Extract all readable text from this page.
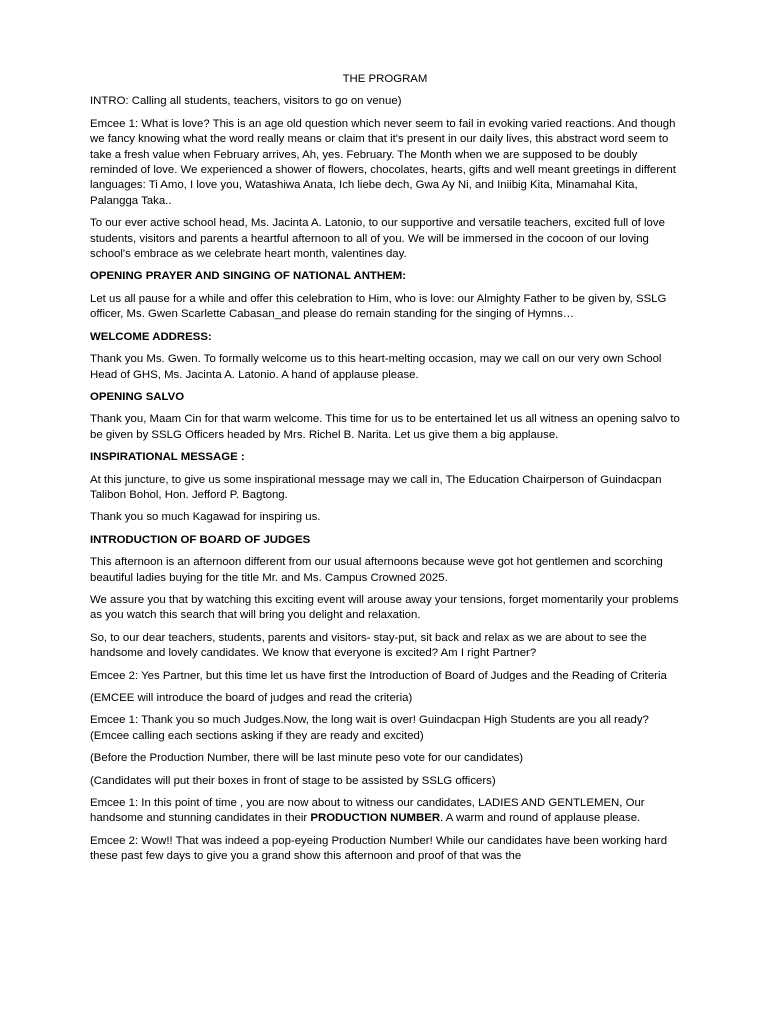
THE PROGRAM
INTRO: Calling all students, teachers, visitors to go on venue)
Emcee 1: What is love? This is an age old question which never seem to fail in evoking varied reactions. And though we fancy knowing what the word really means or claim that it's present in our daily lives, this abstract word seem to take a fresh value when February arrives, Ah, yes. February. The Month when we are supposed to be doubly reminded of love. We experienced a shower of flowers, chocolates, hearts, gifts and well meant greetings in different languages: Ti Amo, I love you, Watashiwa Anata, Ich liebe dech, Gwa Ay Ni, and Iniibig Kita, Minamahal Kita, Palangga Taka..
To our ever active school head, Ms. Jacinta A. Latonio, to our supportive and versatile teachers, excited full of love students, visitors and parents a heartful afternoon to all of you. We will be immersed in the cocoon of our loving school's embrace as we celebrate heart month, valentines day.
OPENING PRAYER AND SINGING OF NATIONAL ANTHEM:
Let us all pause for a while and offer this celebration to Him, who is love: our Almighty Father to be given by, SSLG officer, Ms. Gwen Scarlette Cabasan_and please do remain standing for the singing of Hymns…
WELCOME ADDRESS:
Thank you Ms. Gwen. To formally welcome us to this heart-melting occasion, may we call on our very own School Head of GHS, Ms. Jacinta A. Latonio. A hand of applause please.
OPENING SALVO
Thank you, Maam Cin for that warm welcome. This time for us to be entertained let us all witness an opening salvo to be given by SSLG Officers headed by Mrs. Richel B. Narita. Let us give them a big applause.
INSPIRATIONAL MESSAGE :
At this juncture, to give us some inspirational message may we call in, The Education Chairperson of Guindacpan Talibon Bohol, Hon. Jefford P. Bagtong.
Thank you so much Kagawad for inspiring us.
INTRODUCTION OF BOARD OF JUDGES
This afternoon is an afternoon different from our usual afternoons because weve got hot gentlemen and scorching beautiful ladies buying for the title Mr. and Ms. Campus Crowned 2025.
We assure you that by watching this exciting event will arouse away your tensions, forget momentarily your problems as you watch this search that will bring you delight and relaxation.
So, to our dear teachers, students, parents and visitors- stay-put, sit back and relax as we are about to see the handsome and lovely candidates. We know that everyone is excited? Am I right Partner?
Emcee 2: Yes Partner, but this time let us have first the Introduction of Board of Judges and the Reading of Criteria
(EMCEE will introduce the board of judges and read the criteria)
Emcee 1: Thank you so much Judges.Now, the long wait is over! Guindacpan High Students are you all ready? (Emcee calling each sections asking if they are ready and excited)
(Before the Production Number, there will be last minute peso vote for our candidates)
(Candidates will put their boxes in front of stage to be assisted by SSLG officers)
Emcee 1: In this point of time , you are now about to witness our candidates, LADIES AND GENTLEMEN, Our handsome and stunning candidates in their PRODUCTION NUMBER. A warm and round of applause please.
Emcee 2: Wow!! That was indeed a pop-eyeing Production Number! While our candidates have been working hard these past few days to give you a grand show this afternoon and proof of that was the
